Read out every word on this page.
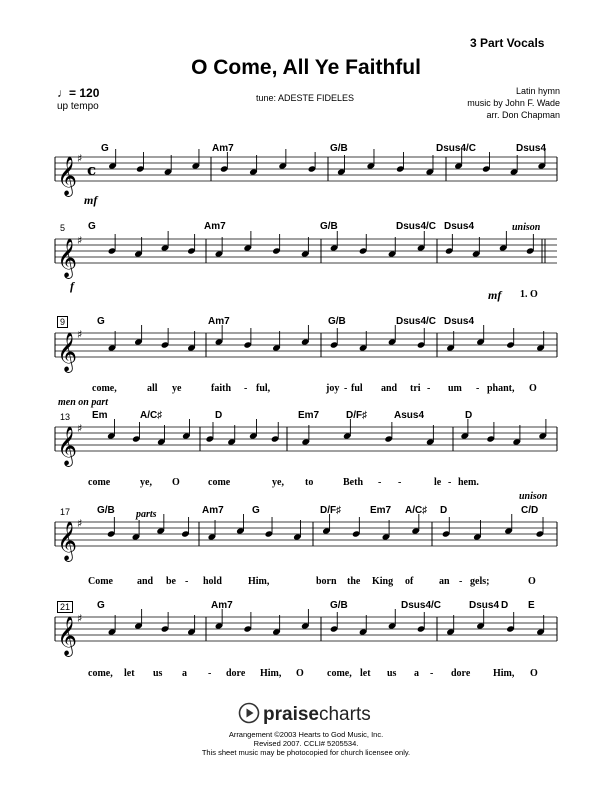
3 Part Vocals
O Come, All Ye Faithful
♩= 120
up tempo
tune: ADESTE FIDELES
Latin hymn
music by John F. Wade
arr. Don Chapman
𝄞 ♯
c
𝄞 ♯
𝄞 ♯
𝄞 ♯
𝄞 ♯
𝄞 ♯
G	Am7	G/B	Dsus4/C	Dsus4
mf
5 G	Am7	G/B	Dsus4/C Dsus4
f
unison
mf 1. O
9	G	Am7	G/B	Dsus4/C Dsus4
come,	all ye	faith - ful,	joy - ful and tri - um - phant, O
men on part
13 Em	A/C♯	D	Em7	D/F♯	Asus4	D
come	ye, O	come	ye, to	Beth - -	le - hem.
17	G/B	Am7	G	D/F♯	Em7 A/C♯ D	C/D
parts
unison
Come and be - hold	Him,	born the King of	an - gels;	O
21	G	Am7	G/B	Dsus4/C	Dsus4 D E
come, let us a - dore Him, O come, let us a - dore Him, O
praisecharts
Arrangement ©2003 Hearts to God Music, Inc.
Revised 2007. CCLI# 5205534.
This sheet music may be photocopied for church licensee only.
